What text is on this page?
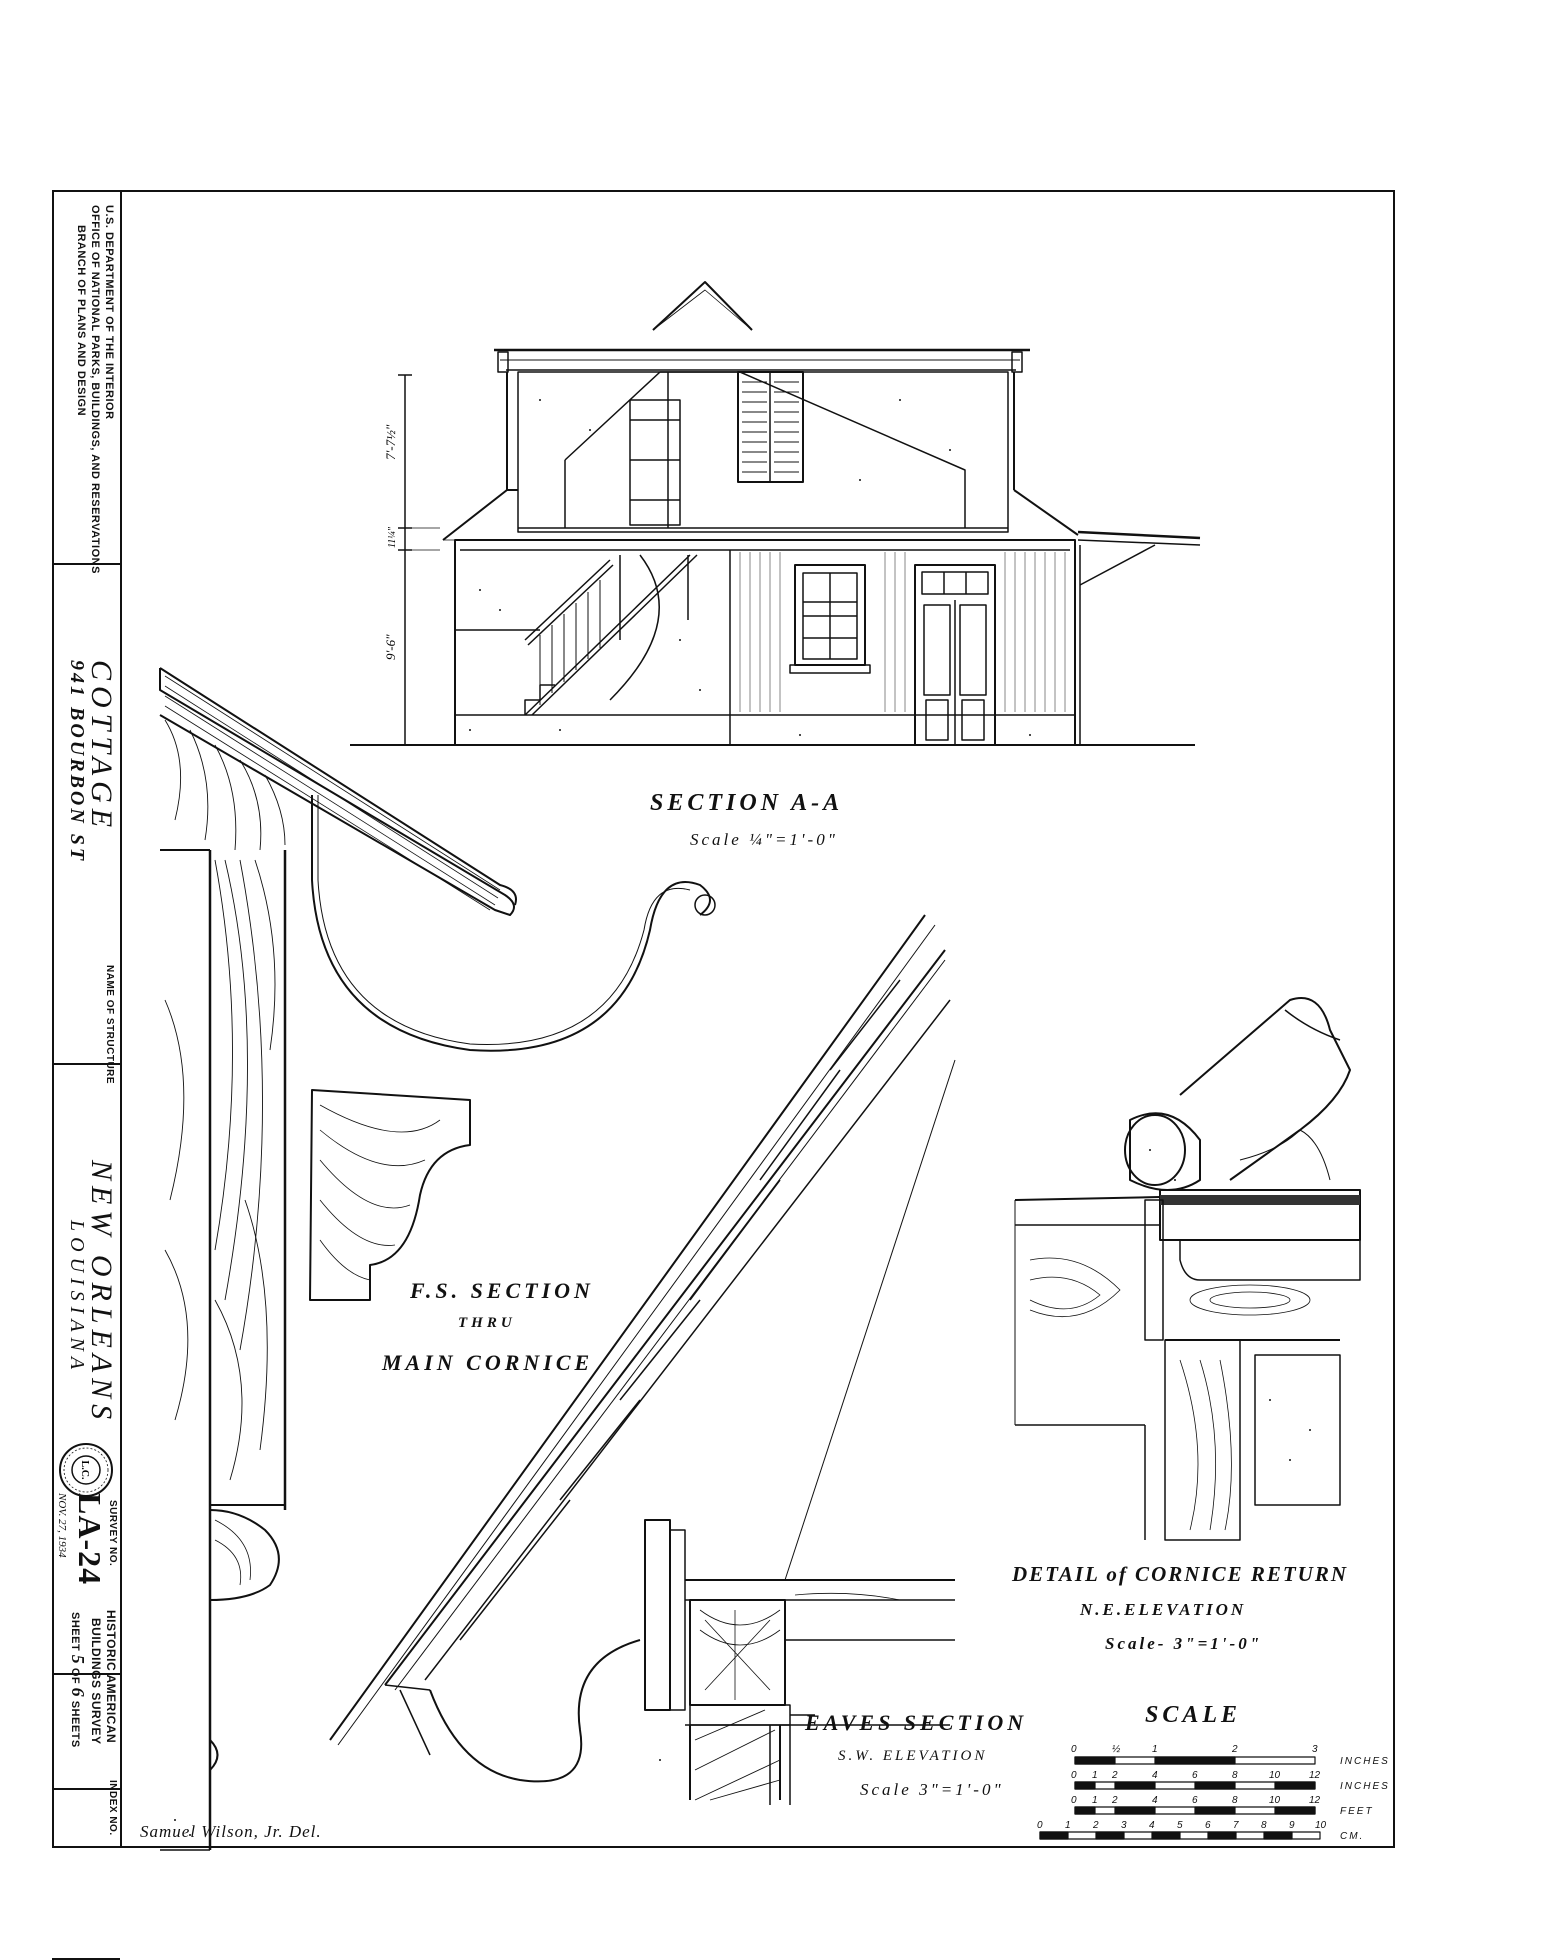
U.S. DEPARTMENT OF THE INTERIOR
OFFICE OF NATIONAL PARKS, BUILDINGS, AND RESERVATIONS
BRANCH OF PLANS AND DESIGN
COTTAGE
941 BOURBON ST
NAME OF STRUCTURE
NEW ORLEANS
LOUISIANA
L.C.
SURVEY NO.
LA-24
NOV. 27, 1934
HISTORIC AMERICAN
BUILDINGS SURVEY
SHEET 5 OF 6 SHEETS
INDEX NO.
7'-7½"
11¼"
9'-6"
0	½	1	2	3
INCHES
0 1 2	4	6	8	10	12
INCHES
0 1 2	4	6	8	10	12
FEET
0 1 2 3 4 5 6 7 8 9 10
CM.
SECTION A-A
Scale ¼"=1'-0"
F.S. SECTION
THRU
MAIN CORNICE
DETAIL of CORNICE RETURN
N.E.ELEVATION
Scale- 3"=1'-0"
EAVES SECTION
S.W. ELEVATION
Scale 3"=1'-0"
SCALE
Samuel Wilson, Jr. Del.
